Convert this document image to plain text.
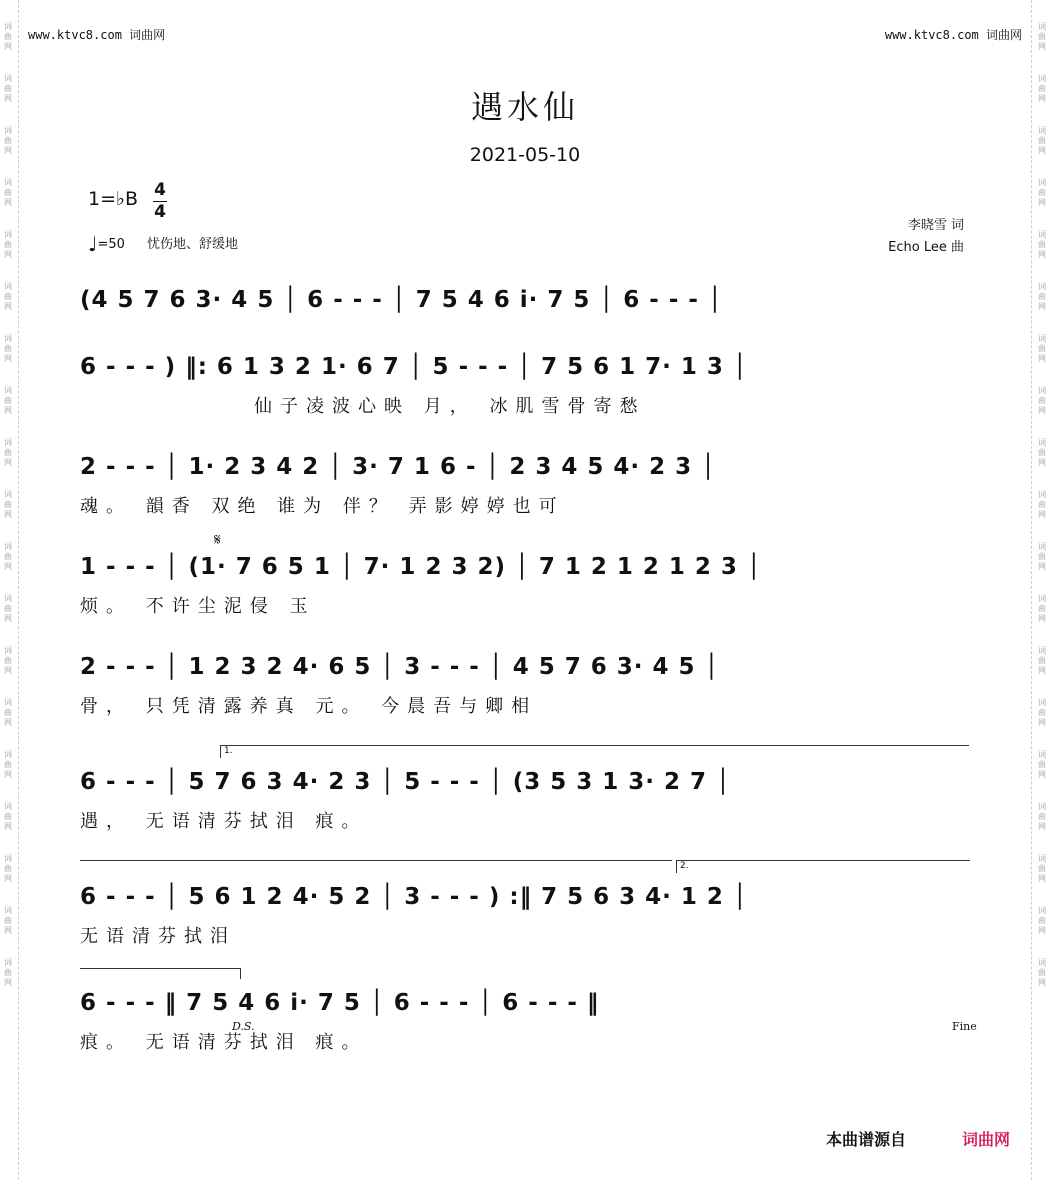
词
曲
网
词
曲
网
词
曲
网
词
曲
网
词
曲
网
词
曲
网
词
曲
网
词
曲
网
词
曲
网
词
曲
网
词
曲
网
词
曲
网
词
曲
网
词
曲
网
词
曲
网
词
曲
网
词
曲
网
词
曲
网
词
曲
网
词
曲
网
词
曲
网
词
曲
网
词
曲
网
词
曲
网
词
曲
网
词
曲
网
词
曲
网
词
曲
网
词
曲
网
词
曲
网
词
曲
网
词
曲
网
词
曲
网
词
曲
网
词
曲
网
词
曲
网
词
曲
网
词
曲
网
www.ktvc8.com 词曲网	www.ktvc8.com 词曲网
遇水仙
2021-05-10
1=♭B 4
4
♩=50 忧伤地、舒缓地
李晓雪 词
Echo Lee 曲
(4 5 7 6 3· 4 5 │ 6 - - - │ 7 5 4 6 i· 7 5 │ 6 - - - │
6 - - - ) ‖: 6 1 3 2 1· 6 7 │ 5 - - - │ 7 5 6 1 7· 1 3 │
仙子凌波心映 月， 冰肌雪骨寄愁
2 - - - │ 1· 2 3 4 2 │ 3· 7 1 6 - │ 2 3 4 5 4· 2 3 │
魂。 韻香 双绝 谁为 伴？ 弄影婷婷也可
𝄋
1 - - - │ (1· 7 6 5 1 │ 7· 1 2 3 2) │ 7 1 2 1 2 1 2 3 │
烦。 不许尘泥侵 玉
2 - - - │ 1 2 3 2 4· 6 5 │ 3 - - - │ 4 5 7 6 3· 4 5 │
骨， 只凭清露养真 元。 今晨吾与卿相
1.
6 - - - │ 5 7 6 3 4· 2 3 │ 5 - - - │ (3 5 3 1 3· 2 7 │
遇， 无语清芬拭泪 痕。
2.
6 - - - │ 5 6 1 2 4· 5 2 │ 3 - - - ) :‖ 7 5 6 3 4· 1 2 │
无语清芬拭泪
6 - - - ‖ 7 5 4 6 i· 7 5 │ 6 - - - │ 6 - - - ‖
D.S.	Fine
痕。 无语清芬拭泪 痕。
本曲谱源自	词曲网
